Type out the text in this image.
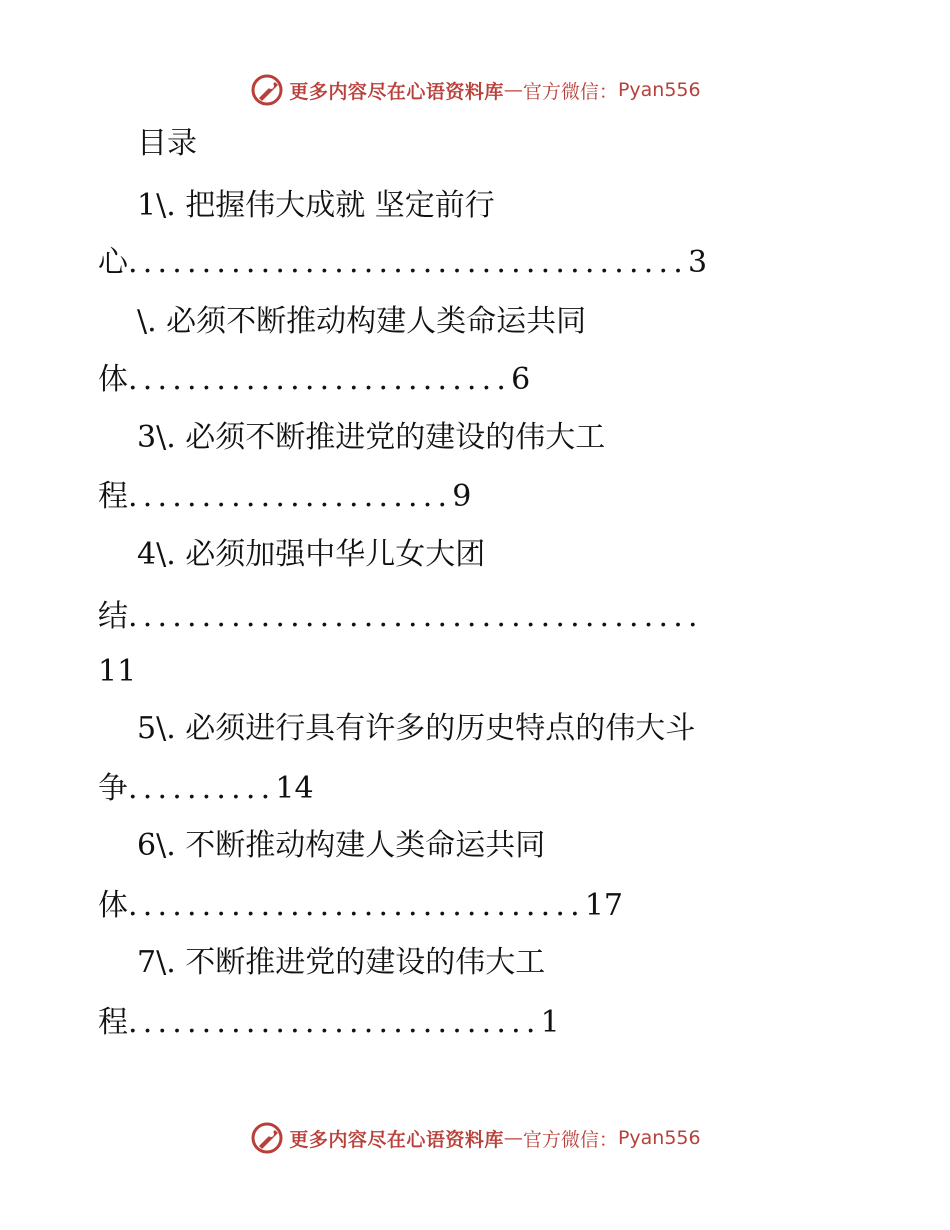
更多内容尽在心语资料库 — 官方微信： Pyan556
目录
1\. 把握伟大成就 坚定前行
心......................................3
\. 必须不断推动构建人类命运共同
体..........................6
3\. 必须不断推进党的建设的伟大工
程......................9
4\. 必须加强中华儿女大团
结.......................................
11
5\. 必须进行具有许多的历史特点的伟大斗
争..........14
6\. 不断推动构建人类命运共同
体...............................17
7\. 不断推进党的建设的伟大工
程............................1
更多内容尽在心语资料库 — 官方微信： Pyan556
